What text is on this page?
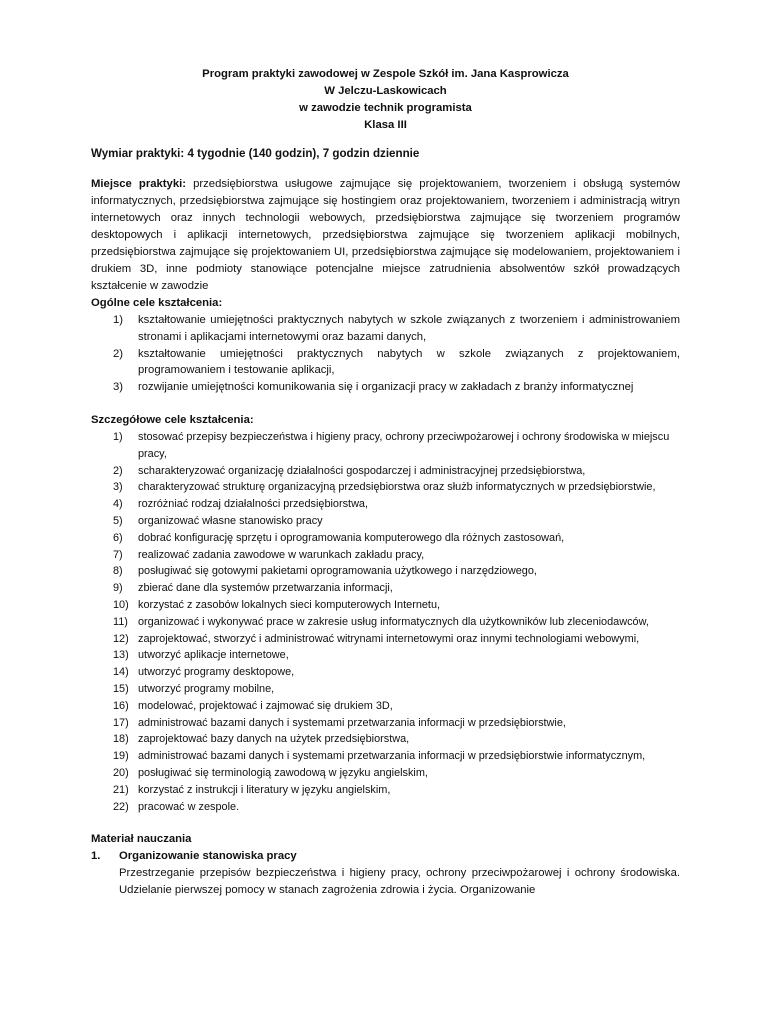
Program praktyki zawodowej w Zespole Szkół im. Jana Kasprowicza
W Jelczu-Laskowicach
w zawodzie technik programista
Klasa III

Wymiar praktyki: 4 tygodnie (140 godzin), 7 godzin dziennie

Miejsce praktyki: przedsiębiorstwa usługowe zajmujące się projektowaniem, tworzeniem i obsługą systemów informatycznych, przedsiębiorstwa zajmujące się hostingiem oraz projektowaniem, tworzeniem i administracją witryn internetowych oraz innych technologii webowych, przedsiębiorstwa zajmujące się tworzeniem programów desktopowych i aplikacji internetowych, przedsiębiorstwa zajmujące się tworzeniem aplikacji mobilnych, przedsiębiorstwa zajmujące się projektowaniem UI, przedsiębiorstwa zajmujące się modelowaniem, projektowaniem i drukiem 3D, inne podmioty stanowiące potencjalne miejsce zatrudnienia absolwentów szkół prowadzących kształcenie w zawodzie

Ogólne cele kształcenia:
1)	kształtowanie umiejętności praktycznych nabytych w szkole związanych z tworzeniem i administrowaniem stronami i aplikacjami internetowymi oraz bazami danych,
2)	kształtowanie umiejętności praktycznych nabytych w szkole związanych z projektowaniem, programowaniem i testowanie aplikacji,
3)	rozwijanie umiejętności komunikowania się i organizacji pracy w zakładach z branży informatycznej
Szczegółowe cele kształcenia:
1)	stosować przepisy bezpieczeństwa i higieny pracy, ochrony przeciwpożarowej i ochrony środowiska w miejscu pracy,
2)	scharakteryzować organizację działalności gospodarczej i administracyjnej przedsiębiorstwa,
3)	charakteryzować strukturę organizacyjną przedsiębiorstwa oraz służb informatycznych w przedsiębiorstwie,
4)	rozróżniać rodzaj działalności przedsiębiorstwa,
5)	organizować własne stanowisko pracy
6)	dobrać konfigurację sprzętu i oprogramowania komputerowego dla różnych zastosowań,
7)	realizować zadania zawodowe w warunkach zakładu pracy,
8)	posługiwać się gotowymi pakietami oprogramowania użytkowego i narzędziowego,
9)	zbierać dane dla systemów przetwarzania informacji,
10) korzystać z zasobów lokalnych sieci komputerowych Internetu,
11) organizować i wykonywać prace w zakresie usług informatycznych dla użytkowników lub zleceniodawców,
12) zaprojektować, stworzyć i administrować witrynami internetowymi oraz innymi technologiami webowymi,
13) utworzyć aplikacje internetowe,
14) utworzyć programy desktopowe,
15) utworzyć programy mobilne,
16) modelować, projektować i zajmować się drukiem 3D,
17) administrować bazami danych i systemami przetwarzania informacji w przedsiębiorstwie,
18) zaprojektować bazy danych na użytek przedsiębiorstwa,
19) administrować bazami danych i systemami przetwarzania informacji w przedsiębiorstwie informatycznym,
20) posługiwać się terminologią zawodową w języku angielskim,
21) korzystać z instrukcji i literatury w języku angielskim,
22) pracować w zespole.
Materiał nauczania
1.	Organizowanie stanowiska pracy

Przestrzeganie przepisów bezpieczeństwa i higieny pracy, ochrony przeciwpożarowej i ochrony środowiska. Udzielanie pierwszej pomocy w stanach zagrożenia zdrowia i życia. Organizowanie
